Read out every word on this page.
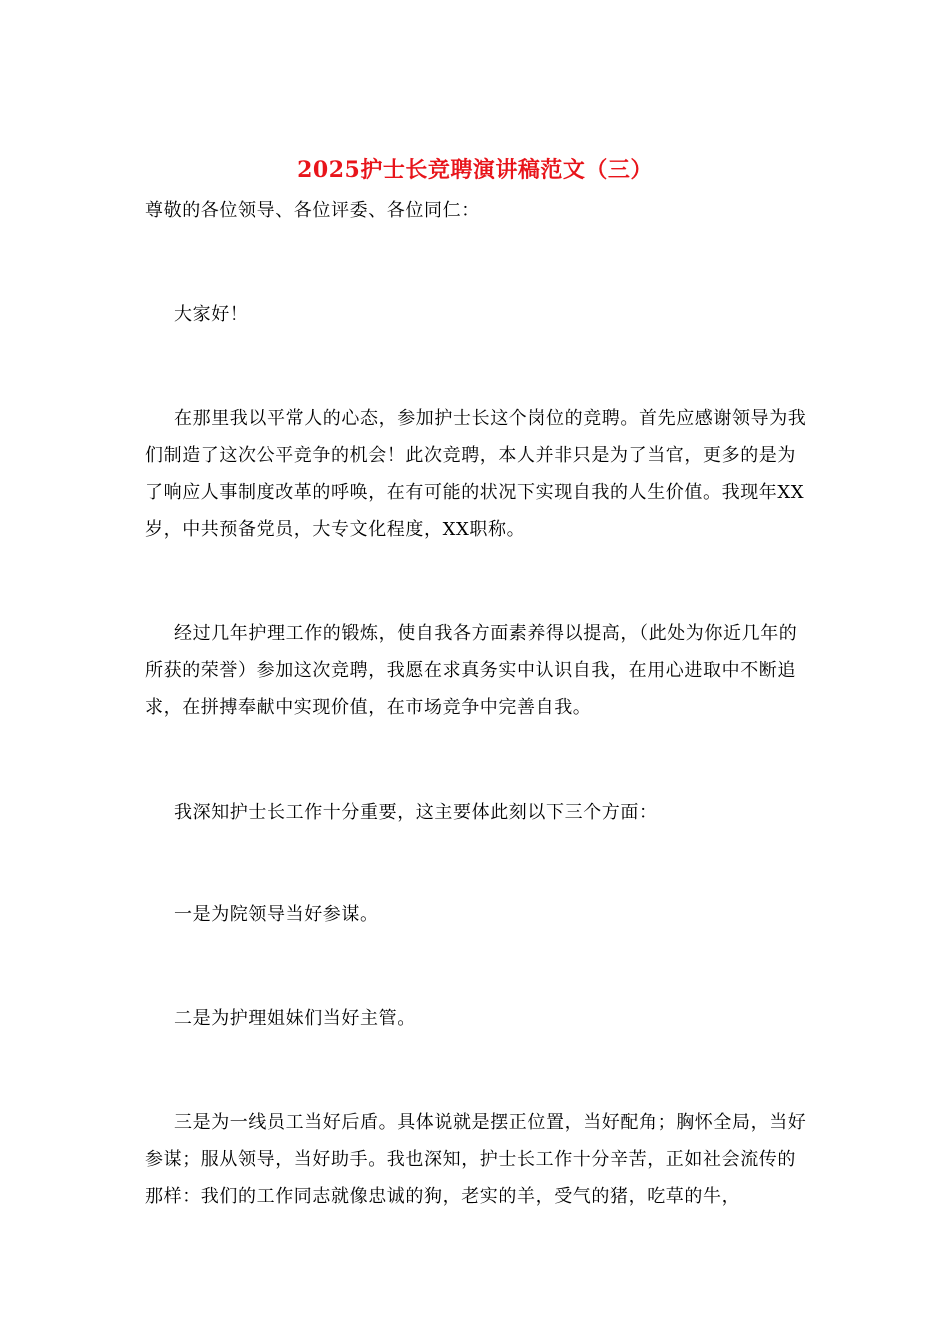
2025护士长竞聘演讲稿范文（三）

尊敬的各位领导、各位评委、各位同仁：

大家好！

在那里我以平常人的心态，参加护士长这个岗位的竞聘。首先应感谢领导为我们制造了这次公平竞争的机会！此次竞聘，本人并非只是为了当官，更多的是为了响应人事制度改革的呼唤，在有可能的状况下实现自我的人生价值。我现年XX岁，中共预备党员，大专文化程度，XX职称。

经过几年护理工作的锻炼，使自我各方面素养得以提高，（此处为你近几年的所获的荣誉）参加这次竞聘，我愿在求真务实中认识自我，在用心进取中不断追求，在拼搏奉献中实现价值，在市场竞争中完善自我。

我深知护士长工作十分重要，这主要体此刻以下三个方面：

一是为院领导当好参谋。

二是为护理姐妹们当好主管。

三是为一线员工当好后盾。具体说就是摆正位置，当好配角；胸怀全局，当好参谋；服从领导，当好助手。我也深知，护士长工作十分辛苦，正如社会流传的那样：我们的工作同志就像忠诚的狗，老实的羊，受气的猪，吃草的牛，
